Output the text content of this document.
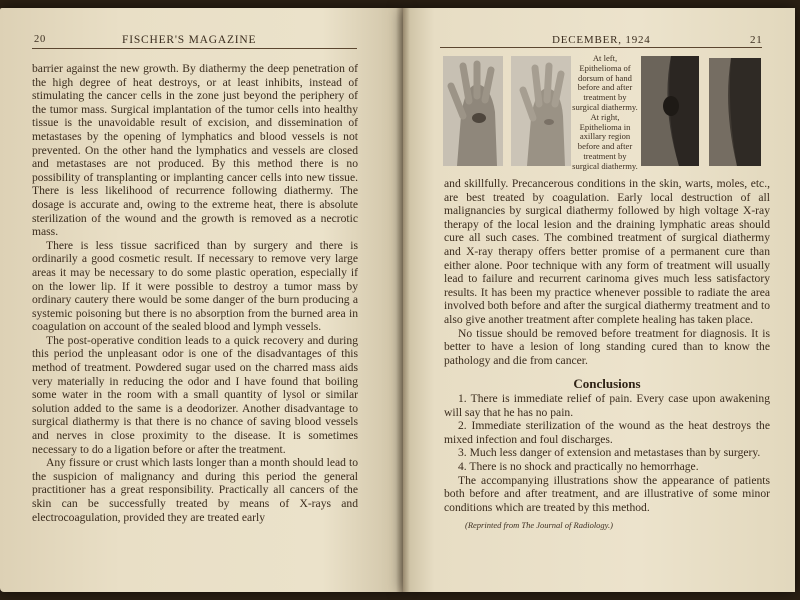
20	FISCHER'S MAGAZINE

barrier against the new growth. By diathermy the deep penetration of the high degree of heat destroys, or at least inhibits, instead of stimulating the cancer cells in the zone just beyond the periphery of the tumor mass. Surgical implantation of the tumor cells into healthy tissue is the unavoidable result of excision, and dissemination of metastases by the opening of lymphatics and blood vessels is not prevented. On the other hand the lymphatics and vessels are closed and metastases are not produced. By this method there is no possibility of transplanting or implanting cancer cells into new tissue. There is less likelihood of recurrence following diathermy. The dosage is accurate and, owing to the extreme heat, there is absolute sterilization of the wound and the growth is removed as a necrotic mass.

There is less tissue sacrificed than by surgery and there is ordinarily a good cosmetic result. If necessary to remove very large areas it may be necessary to do some plastic operation, especially if on the lower lip. If it were possible to destroy a tumor mass by ordinary cautery there would be some danger of the burn producing a systemic poisoning but there is no absorption from the burned area in coagulation on account of the sealed blood and lymph vessels.

The post-operative condition leads to a quick recovery and during this period the unpleasant odor is one of the disadvantages of this method of treatment. Powdered sugar used on the charred mass aids very materially in reducing the odor and I have found that boiling some water in the room with a small quantity of lysol or similar solution added to the same is a deodorizer. Another disadvantage to surgical diathermy is that there is no chance of saving blood vessels and nerves in close proximity to the disease. It is sometimes necessary to do a ligation before or after the treatment.

Any fissure or crust which lasts longer than a month should lead to the suspicion of malignancy and during this period the general practitioner has a great responsibility. Practically all cancers of the skin can be successfully treated by means of X-rays and electrocoagulation, provided they are treated early

DECEMBER, 1924	21
At left, Epithelioma of dorsum of hand before and after treatment by surgical diathermy. At right, Epithelioma in axillary region before and after treatment by surgical diathermy.

and skillfully. Precancerous conditions in the skin, warts, moles, etc., are best treated by coagulation. Early local destruction of all malignancies by surgical diathermy followed by high voltage X-ray therapy of the local lesion and the draining lymphatic areas should cure all such cases. The combined treatment of surgical diathermy and X-ray therapy offers better promise of a permanent cure than either alone. Poor technique with any form of treatment will usually lead to failure and recurrent carinoma gives much less satisfactory results. It has been my practice whenever possible to radiate the area involved both before and after the surgical diathermy treatment and to also give another treatment after complete healing has taken place.

No tissue should be removed before treatment for diagnosis. It is better to have a lesion of long standing cured than to know the pathology and die from cancer.

Conclusions

1. There is immediate relief of pain. Every case upon awakening will say that he has no pain.

2. Immediate sterilization of the wound as the heat destroys the mixed infection and foul discharges.

3. Much less danger of extension and metastases than by surgery.

4. There is no shock and practically no hemorrhage.

The accompanying illustrations show the appearance of patients both before and after treatment, and are illustrative of some minor conditions which are treated by this method.

(Reprinted from The Journal of Radiology.)
